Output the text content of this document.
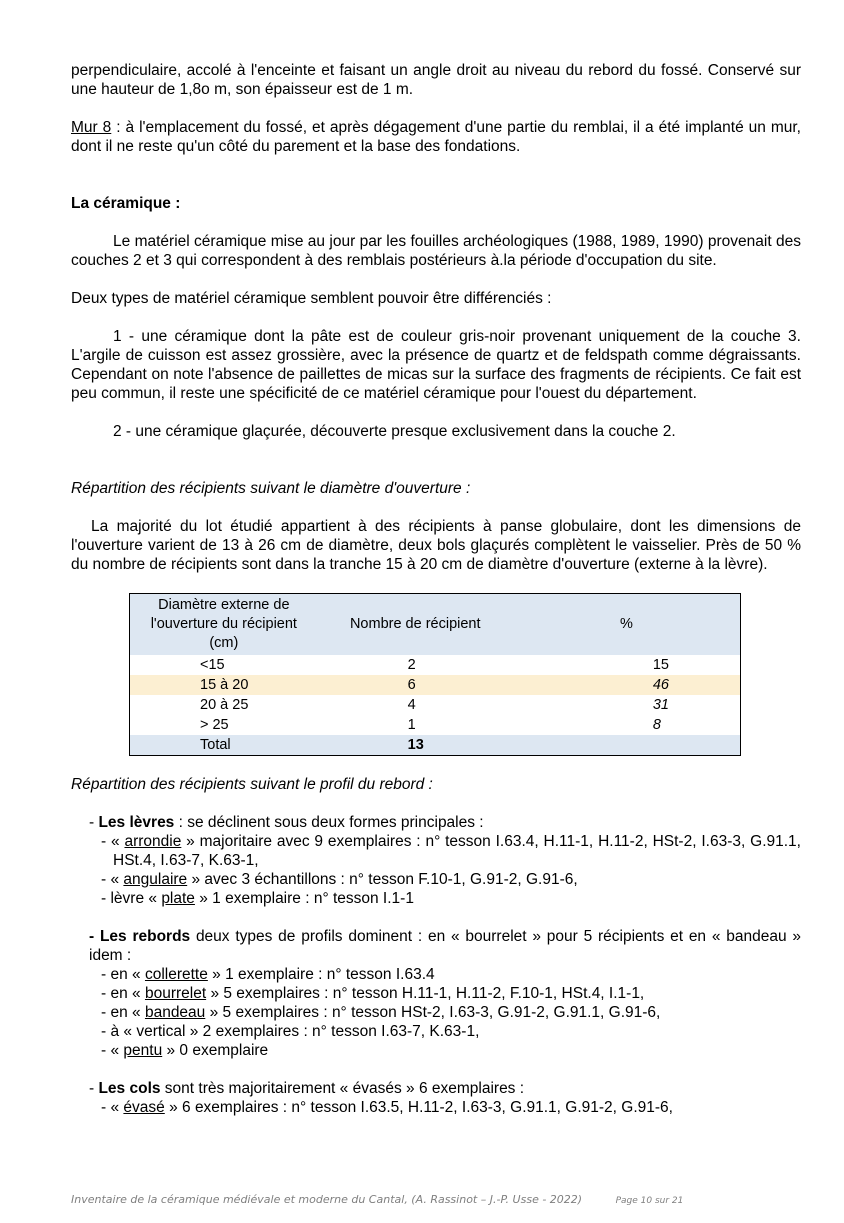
perpendiculaire, accolé à l'enceinte et faisant un angle droit au niveau du rebord du fossé. Conservé sur une hauteur de 1,8o m, son épaisseur est de 1 m.

Mur 8 : à l'emplacement du fossé, et après dégagement d'une partie du remblai, il a été implanté un mur, dont il ne reste qu'un côté du parement et la base des fondations.

La céramique :

Le matériel céramique mise au jour par les fouilles archéologiques (1988, 1989, 1990) provenait des couches 2 et 3 qui correspondent à des remblais postérieurs à.la période d'occupation du site.

Deux types de matériel céramique semblent pouvoir être différenciés :

1 - une céramique dont la pâte est de couleur gris-noir provenant uniquement de la couche 3. L'argile de cuisson est assez grossière, avec la présence de quartz et de feldspath comme dégraissants. Cependant on note l'absence de paillettes de micas sur la surface des fragments de récipients. Ce fait est peu commun, il reste une spécificité de ce matériel céramique pour l'ouest du département.

2 - une céramique glaçurée, découverte presque exclusivement dans la couche 2.

Répartition des récipients suivant le diamètre d'ouverture :

La majorité du lot étudié appartient à des récipients à panse globulaire, dont les dimensions de l'ouverture varient de 13 à 26 cm de diamètre, deux bols glaçurés complètent le vaisselier. Près de 50 % du nombre de récipients sont dans la tranche 15 à 20 cm de diamètre d'ouverture (externe à la lèvre).

Diamètre externe de l'ouverture du récipient (cm)	Nombre de récipient	%
<15	2	15
15 à 20	6	46
20 à 25	4	31
> 25	1	8
Total	13	

Répartition des récipients suivant le profil du rebord :

- Les lèvres : se déclinent sous deux formes principales :

- « arrondie » majoritaire avec 9 exemplaires : n° tesson I.63.4, H.11-1, H.11-2, HSt-2, I.63-3, G.91.1, HSt.4, I.63-7, K.63-1,

- « angulaire » avec 3 échantillons : n° tesson F.10-1, G.91-2, G.91-6,

- lèvre « plate » 1 exemplaire : n° tesson I.1-1

- Les rebords deux types de profils dominent : en « bourrelet » pour 5 récipients et en « bandeau » idem :

- en « collerette » 1 exemplaire : n° tesson I.63.4

- en « bourrelet » 5 exemplaires : n° tesson H.11-1, H.11-2, F.10-1, HSt.4, I.1-1,

- en « bandeau » 5 exemplaires : n° tesson HSt-2, I.63-3, G.91-2, G.91.1, G.91-6,

- à « vertical » 2 exemplaires : n° tesson I.63-7, K.63-1,

- « pentu » 0 exemplaire

- Les cols sont très majoritairement « évasés » 6 exemplaires :

- « évasé » 6 exemplaires : n° tesson I.63.5, H.11-2, I.63-3, G.91.1, G.91-2, G.91-6,

Inventaire de la céramique médiévale et moderne du Cantal, (A. Rassinot – J.-P. Usse - 2022)	Page 10 sur 21
